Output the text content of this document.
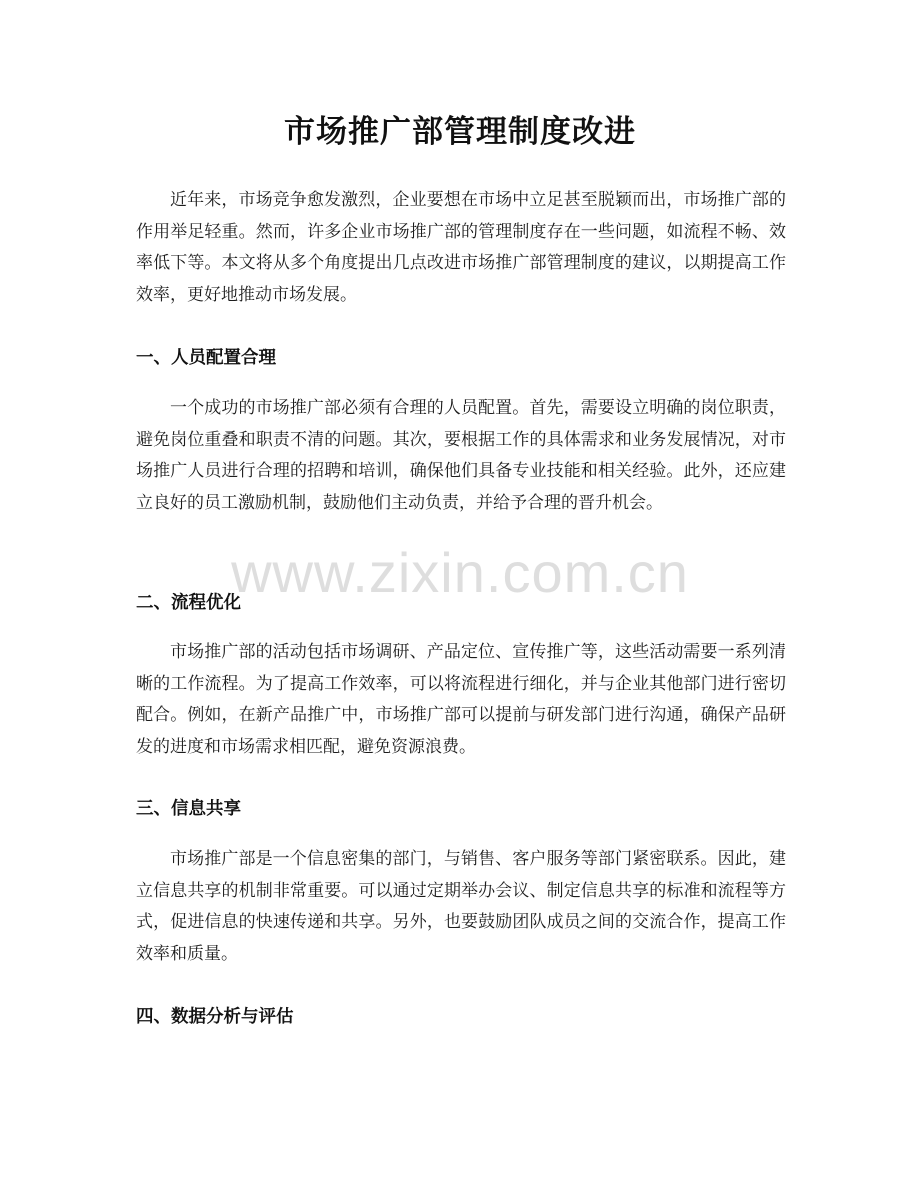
市场推广部管理制度改进
近年来，市场竞争愈发激烈，企业要想在市场中立足甚至脱颖而出，市场推广部的作用举足轻重。然而，许多企业市场推广部的管理制度存在一些问题，如流程不畅、效率低下等。本文将从多个角度提出几点改进市场推广部管理制度的建议，以期提高工作效率，更好地推动市场发展。
一、人员配置合理
一个成功的市场推广部必须有合理的人员配置。首先，需要设立明确的岗位职责，避免岗位重叠和职责不清的问题。其次，要根据工作的具体需求和业务发展情况，对市场推广人员进行合理的招聘和培训，确保他们具备专业技能和相关经验。此外，还应建立良好的员工激励机制，鼓励他们主动负责，并给予合理的晋升机会。
二、流程优化
市场推广部的活动包括市场调研、产品定位、宣传推广等，这些活动需要一系列清晰的工作流程。为了提高工作效率，可以将流程进行细化，并与企业其他部门进行密切配合。例如，在新产品推广中，市场推广部可以提前与研发部门进行沟通，确保产品研发的进度和市场需求相匹配，避免资源浪费。
三、信息共享
市场推广部是一个信息密集的部门，与销售、客户服务等部门紧密联系。因此，建立信息共享的机制非常重要。可以通过定期举办会议、制定信息共享的标准和流程等方式，促进信息的快速传递和共享。另外，也要鼓励团队成员之间的交流合作，提高工作效率和质量。
四、数据分析与评估
www.zixin.com.cn
